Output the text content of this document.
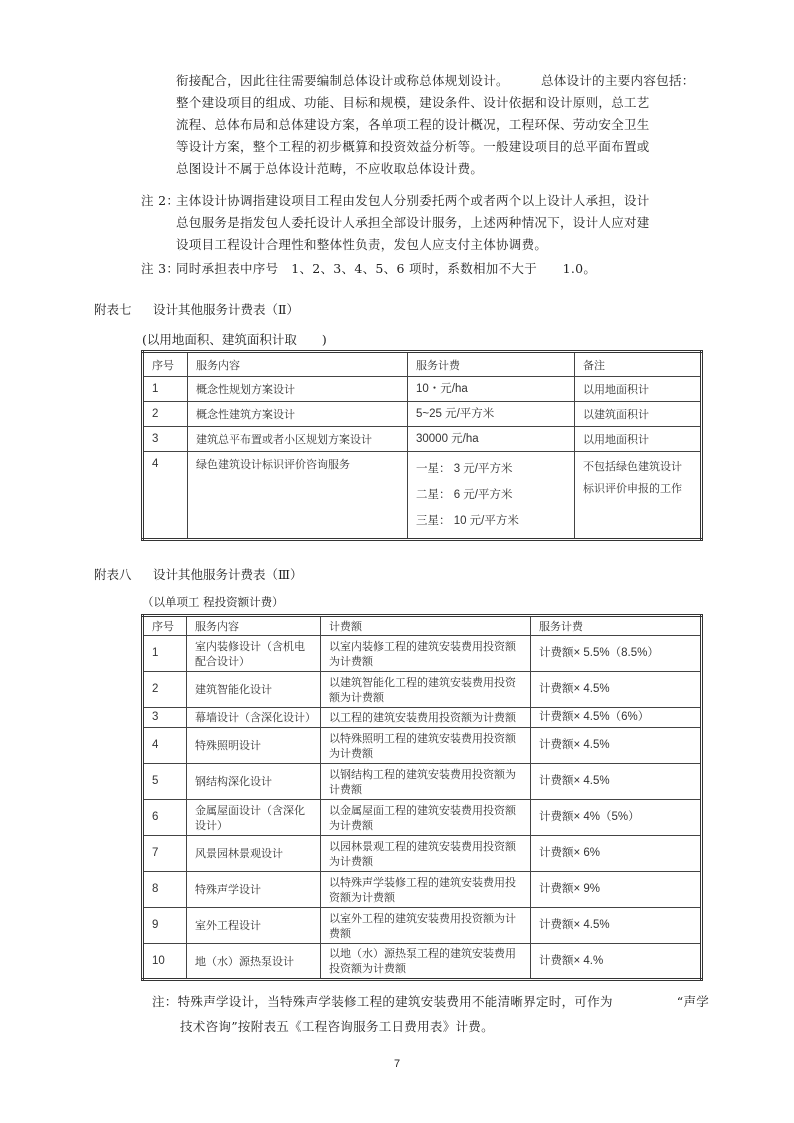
衔接配合，因此往往需要编制总体设计或称总体规划设计。　　　总体设计的主要内容包括：
整个建设项目的组成、功能、目标和规模，建设条件、设计依据和设计原则，总工艺
流程、总体布局和总体建设方案，各单项工程的设计概况，工程环保、劳动安全卫生
等设计方案，整个工程的初步概算和投资效益分析等。一般建设项目的总平面布置或
总图设计不属于总体设计范畴，不应收取总体设计费。
注 2：
主体设计协调指建设项目工程由发包人分别委托两个或者两个以上设计人承担，设计
总包服务是指发包人委托设计人承担全部设计服务，上述两种情况下，设计人应对建
设项目工程设计合理性和整体性负责，发包人应支付主体协调费。
注 3：
同时承担表中序号　1、2、3、4、5、6 项时，系数相加不大于　　1.0。
附表七 设计其他服务计费表（Ⅱ）
(以用地面积、建筑面积计取　　)
序号	服务内容	服务计费	备注
1	概念性规划方案设计	10・元/ha	以用地面积计
2	概念性建筑方案设计	5~25 元/平方米	以建筑面积计
3	建筑总平布置或者小区规划方案设计	30000 元/ha	以用地面积计
4	绿色建筑设计标识评价咨询服务	一星： 3 元/平方米
二星： 6 元/平方米
三星： 10 元/平方米	不包括绿色建筑设计标识评价申报的工作
附表八 设计其他服务计费表（Ⅲ）
（以单项工 程投资额计费）
序号	服务内容	计费额	服务计费
1	室内装修设计（含机电配合设计）	以室内装修工程的建筑安装费用投资额为计费额	计费额× 5.5%（8.5%）
2	建筑智能化设计	以建筑智能化工程的建筑安装费用投资额为计费额	计费额× 4.5%
3	幕墙设计（含深化设计）	以工程的建筑安装费用投资额为计费额	计费额× 4.5%（6%）
4	特殊照明设计	以特殊照明工程的建筑安装费用投资额为计费额	计费额× 4.5%
5	钢结构深化设计	以钢结构工程的建筑安装费用投资额为计费额	计费额× 4.5%
6	金属屋面设计（含深化设计）	以金属屋面工程的建筑安装费用投资额为计费额	计费额× 4%（5%）
7	风景园林景观设计	以园林景观工程的建筑安装费用投资额为计费额	计费额× 6%
8	特殊声学设计	以特殊声学装修工程的建筑安装费用投资额为计费额	计费额× 9%
9	室外工程设计	以室外工程的建筑安装费用投资额为计费额	计费额× 4.5%
10	地（水）源热泵设计	以地（水）源热泵工程的建筑安装费用投资额为计费额	计费额× 4.%
注：特殊声学设计，当特殊声学装修工程的建筑安装费用不能清晰界定时，可作为　　　　　“声学
技术咨询”按附表五《工程咨询服务工日费用表》计费。
7
